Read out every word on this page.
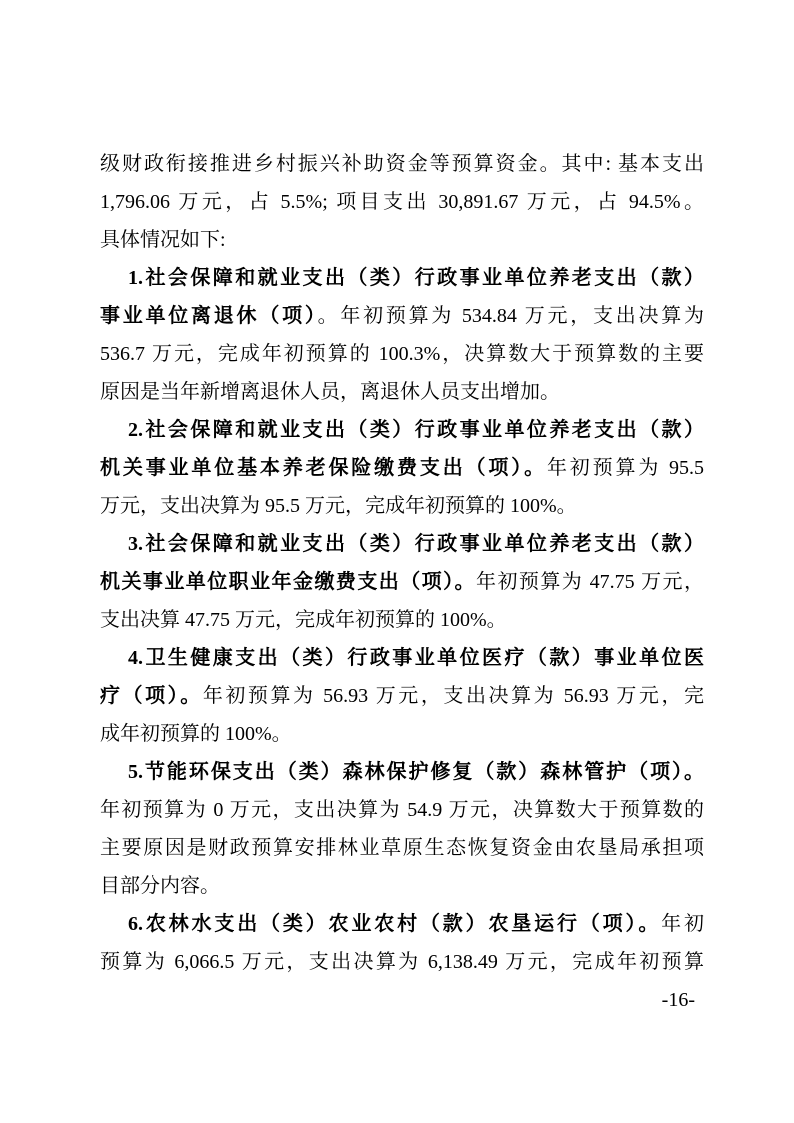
级财政衔接推进乡村振兴补助资金等预算资金。其中: 基本支出
1,796.06 万元，占 5.5%; 项目支出 30,891.67 万元，占 94.5%。
具体情况如下:
1.社会保障和就业支出（类）行政事业单位养老支出（款）
事业单位离退休（项）。年初预算为 534.84 万元，支出决算为
536.7 万元，完成年初预算的 100.3%，决算数大于预算数的主要
原因是当年新增离退休人员，离退休人员支出增加。
2.社会保障和就业支出（类）行政事业单位养老支出（款）
机关事业单位基本养老保险缴费支出（项）。年初预算为 95.5
万元，支出决算为 95.5 万元，完成年初预算的 100%。
3.社会保障和就业支出（类）行政事业单位养老支出（款）
机关事业单位职业年金缴费支出（项）。年初预算为 47.75 万元，
支出决算 47.75 万元，完成年初预算的 100%。
4.卫生健康支出（类）行政事业单位医疗（款）事业单位医
疗（项）。年初预算为 56.93 万元，支出决算为 56.93 万元，完
成年初预算的 100%。
5.节能环保支出（类）森林保护修复（款）森林管护（项）。
年初预算为 0 万元，支出决算为 54.9 万元，决算数大于预算数的
主要原因是财政预算安排林业草原生态恢复资金由农垦局承担项
目部分内容。
6.农林水支出（类）农业农村（款）农垦运行（项）。年初
预算为 6,066.5 万元，支出决算为 6,138.49 万元，完成年初预算
-16-
